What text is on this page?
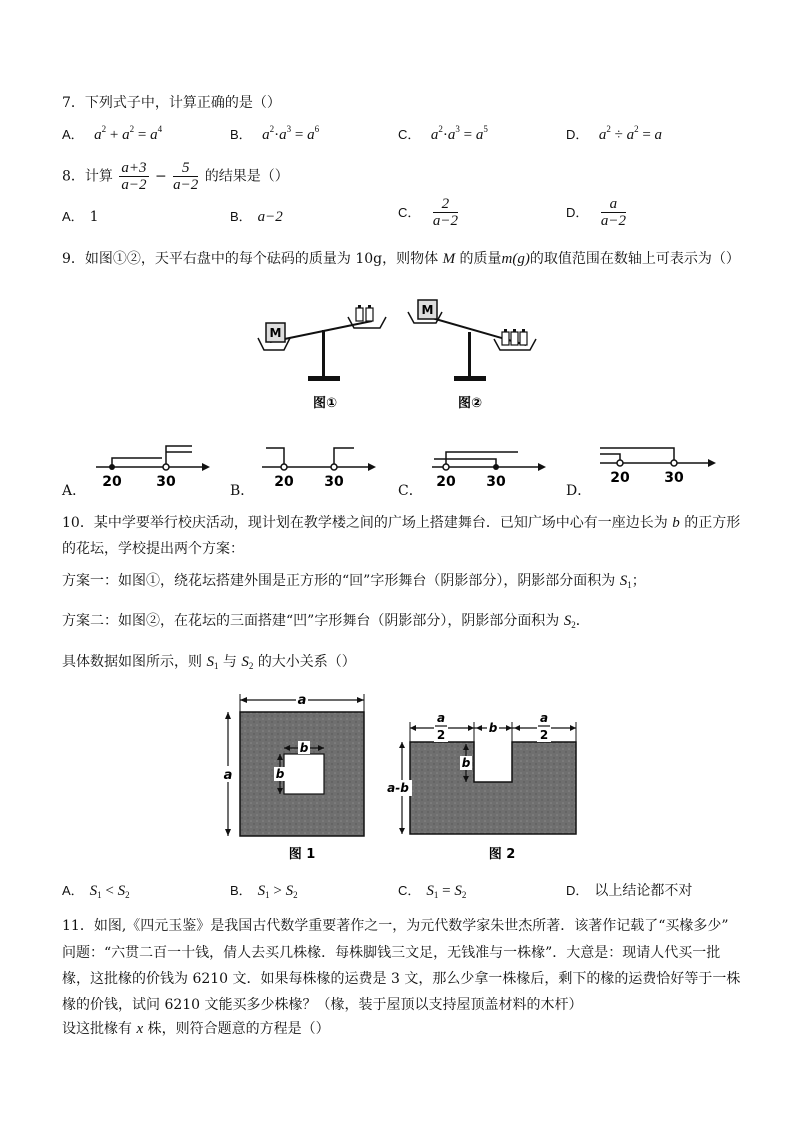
7．下列式子中，计算正确的是（）
A． $a^2 + a^2 = a^4$	B． $a^2\cdot a^3 = a^6$	C． $a^2\cdot a^3 = a^5$	D． $a^2 \div a^2 = a$
8．计算 $\frac{a+3}{a-2} - \frac{5}{a-2}$ 的结果是（）
A． 1	B． a−2	C． $\frac{2}{a-2}$	D． $\frac{a}{a-2}$
9．如图①②，天平右盘中的每个砝码的质量为 10g，则物体 M 的质量m(g)的取值范围在数轴上可表示为（）
M
图①
M
图②
A．
20 30
B．
20 30
C．
20 30
D．
20 30
10．某中学要举行校庆活动，现计划在教学楼之间的广场上搭建舞台．已知广场中心有一座边长为 b 的正方形
的花坛，学校提出两个方案：
方案一：如图①，绕花坛搭建外围是正方形的“回”字形舞台（阴影部分），阴影部分面积为 $S_1$；
方案二：如图②，在花坛的三面搭建“凹”字形舞台（阴影部分），阴影部分面积为 $S_2$．
具体数据如图所示，则 $S_1$ 与 $S_2$ 的大小关系（）
a
a
b
b
图 1
a
2	b
a
2
b
a-b
图 2
A． $S_1 < S_2$	B． $S_1 > S_2$	C． $S_1 = S_2$	D． 以上结论都不对
11．如图,《四元玉鉴》是我国古代数学重要著作之一，为元代数学家朱世杰所著．该著作记载了“买椽多少”
问题：“六贯二百一十钱，倩人去买几株椽．每株脚钱三文足，无钱准与一株椽”．大意是：现请人代买一批
椽，这批椽的价钱为 6210 文．如果每株椽的运费是 3 文，那么少拿一株椽后，剩下的椽的运费恰好等于一株
椽的价钱，试问 6210 文能买多少株椽？（椽，装于屋顶以支持屋顶盖材料的木杆）
设这批椽有 x 株，则符合题意的方程是（）
